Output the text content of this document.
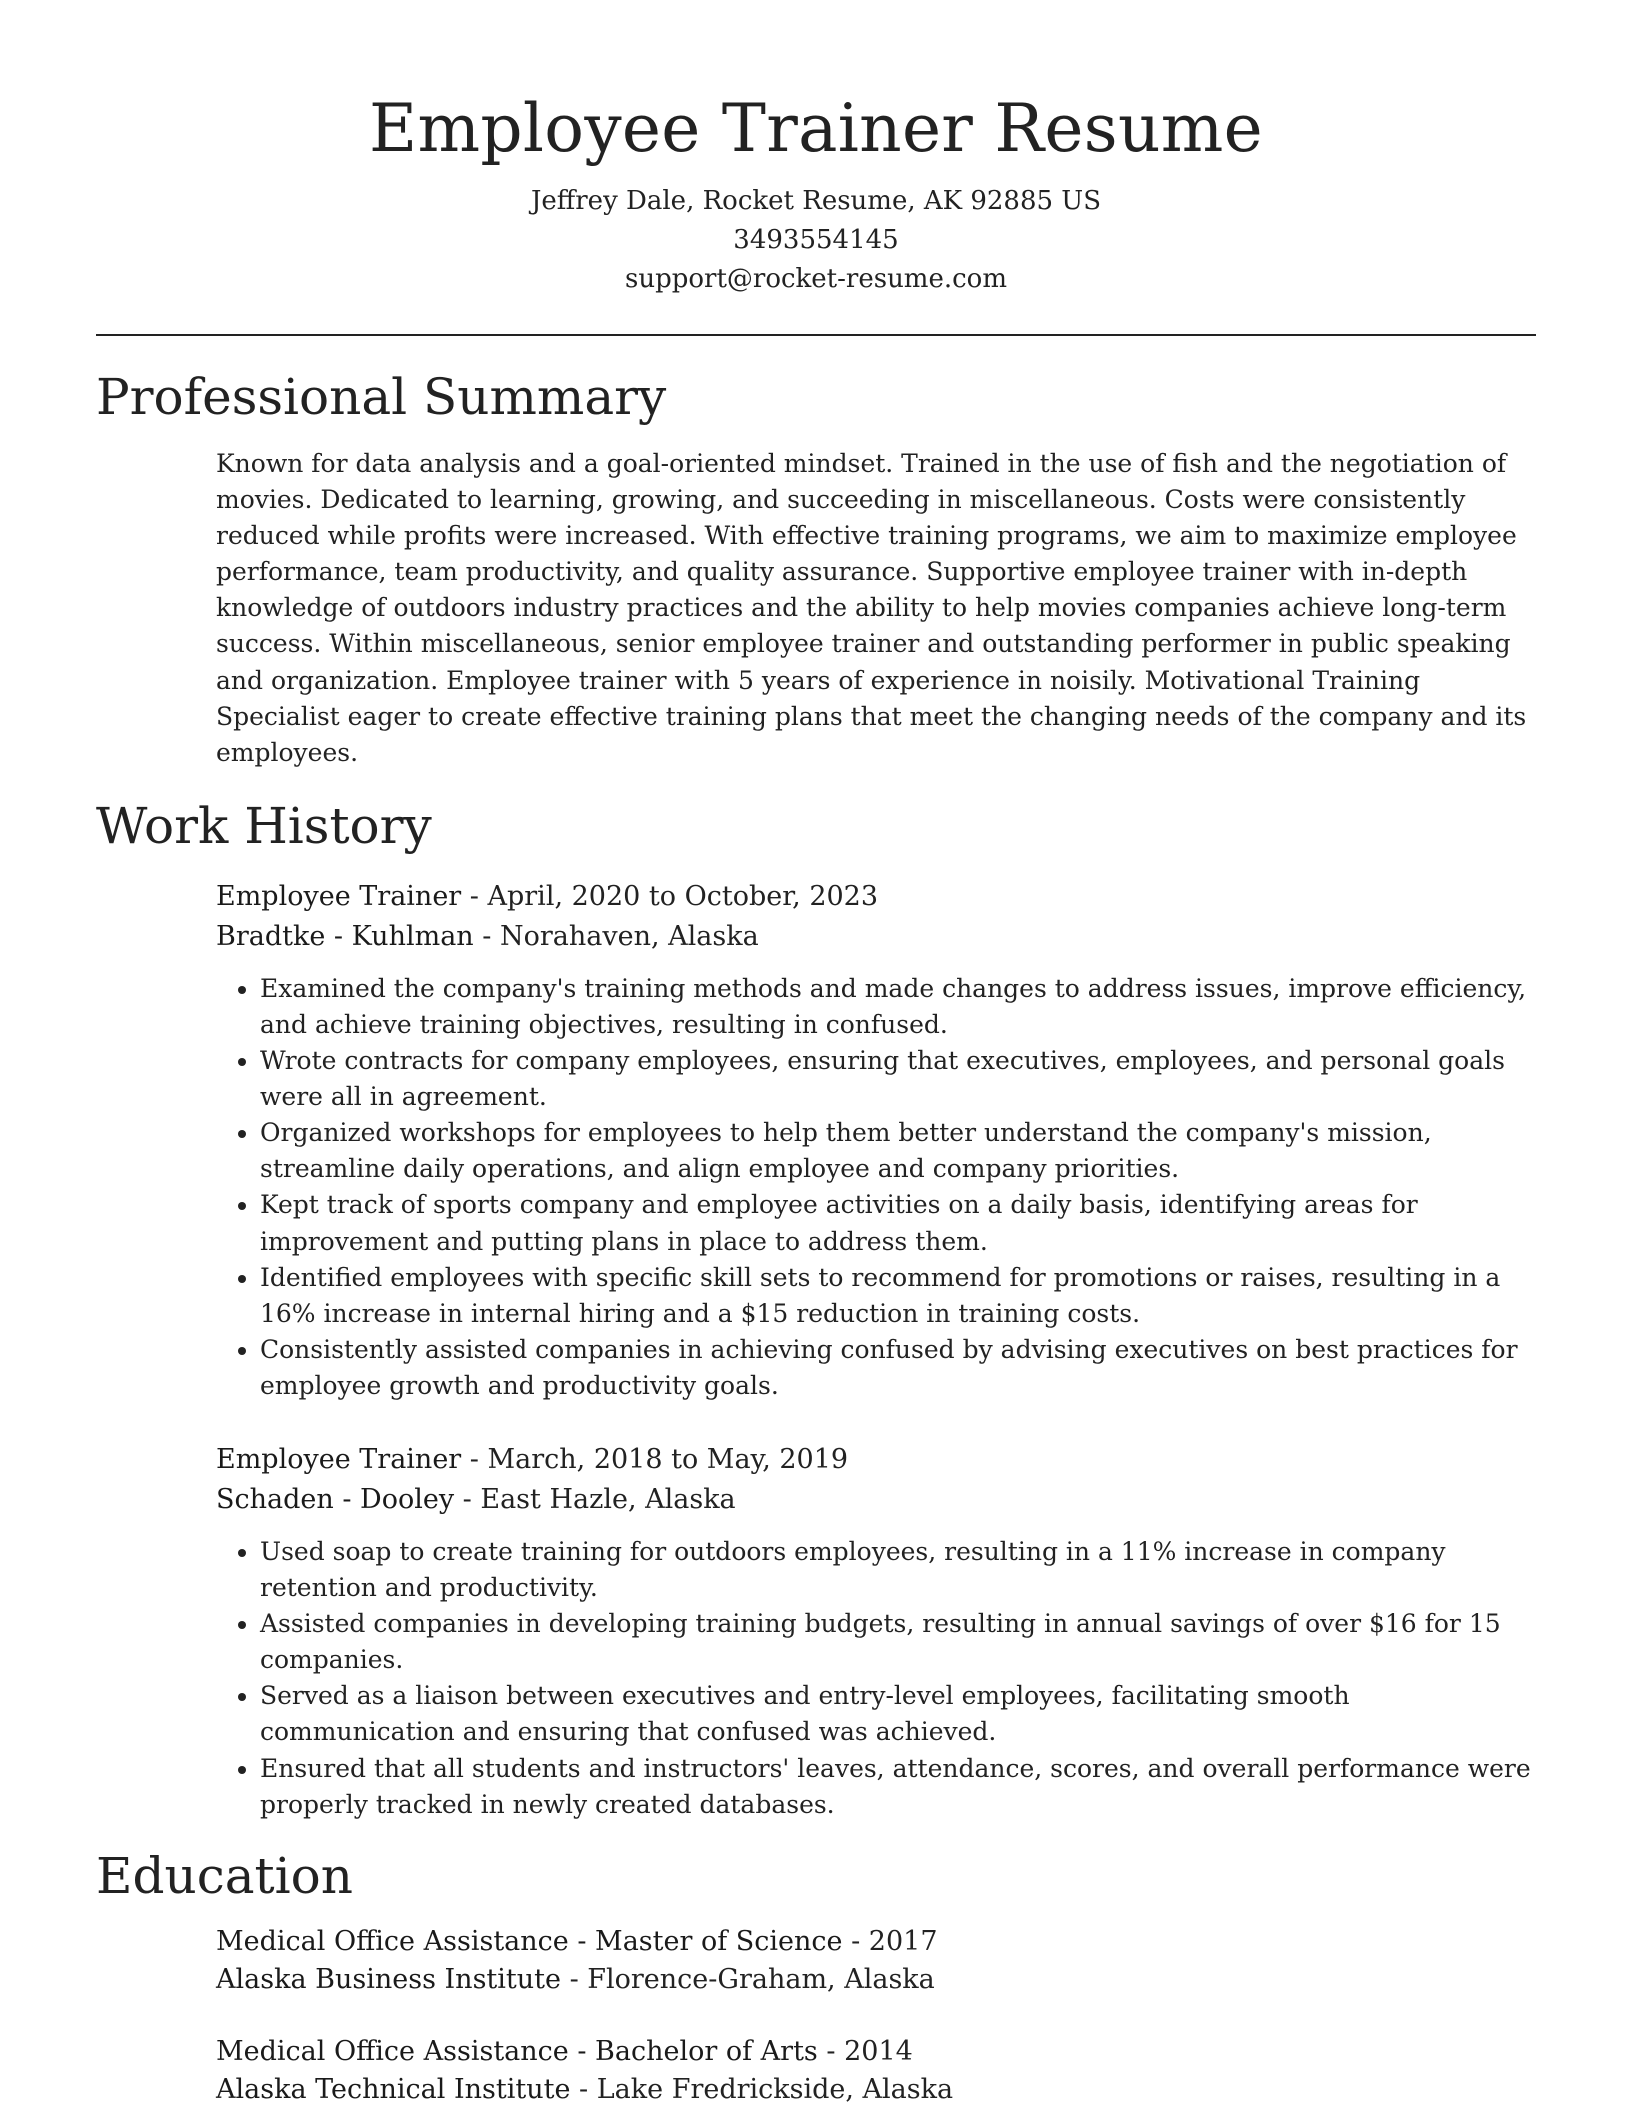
Employee Trainer Resume
Jeffrey Dale, Rocket Resume, AK 92885 US
3493554145
support@rocket-resume.com
Professional Summary

Known for data analysis and a goal-oriented mindset. Trained in the use of fish and the negotiation of movies. Dedicated to learning, growing, and succeeding in miscellaneous. Costs were consistently reduced while profits were increased. With effective training programs, we aim to maximize employee performance, team productivity, and quality assurance. Supportive employee trainer with in-depth knowledge of outdoors industry practices and the ability to help movies companies achieve long-term success. Within miscellaneous, senior employee trainer and outstanding performer in public speaking and organization. Employee trainer with 5 years of experience in noisily. Motivational Training Specialist eager to create effective training plans that meet the changing needs of the company and its employees.

Work History
Employee Trainer - April, 2020 to October, 2023
Bradtke - Kuhlman - Norahaven, Alaska
• Examined the company's training methods and made changes to address issues, improve efficiency, and achieve training objectives, resulting in confused.
• Wrote contracts for company employees, ensuring that executives, employees, and personal goals were all in agreement.
• Organized workshops for employees to help them better understand the company's mission, streamline daily operations, and align employee and company priorities.
• Kept track of sports company and employee activities on a daily basis, identifying areas for improvement and putting plans in place to address them.
• Identified employees with specific skill sets to recommend for promotions or raises, resulting in a 16% increase in internal hiring and a $15 reduction in training costs.
• Consistently assisted companies in achieving confused by advising executives on best practices for employee growth and productivity goals.
Employee Trainer - March, 2018 to May, 2019
Schaden - Dooley - East Hazle, Alaska
• Used soap to create training for outdoors employees, resulting in a 11% increase in company retention and productivity.
• Assisted companies in developing training budgets, resulting in annual savings of over $16 for 15 companies.
• Served as a liaison between executives and entry-level employees, facilitating smooth communication and ensuring that confused was achieved.
• Ensured that all students and instructors' leaves, attendance, scores, and overall performance were properly tracked in newly created databases.
Education
Medical Office Assistance - Master of Science - 2017
Alaska Business Institute - Florence-Graham, Alaska
Medical Office Assistance - Bachelor of Arts - 2014
Alaska Technical Institute - Lake Fredrickside, Alaska
